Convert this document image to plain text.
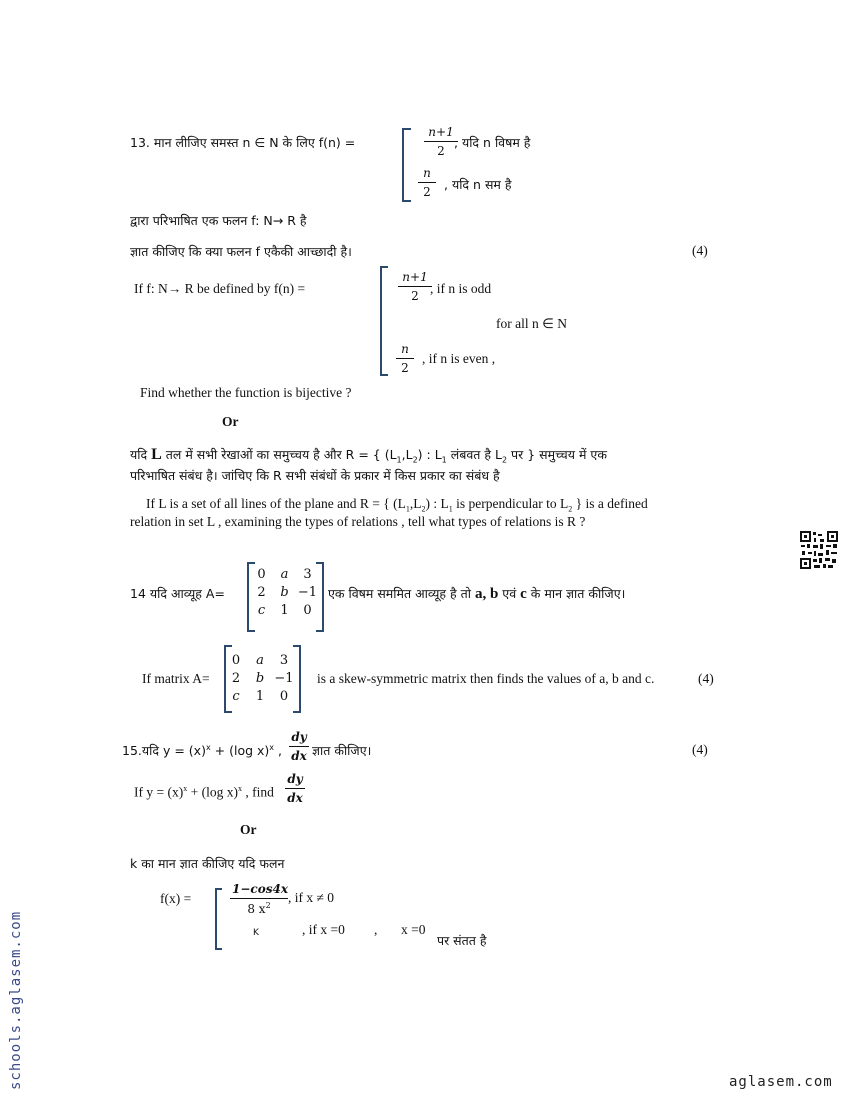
13. मान लीजिए समस्त n ∈ N के लिए f(n) =
n+1
2
, यदि n विषम है
n
2	, यदि n सम है
द्वारा परिभाषित एक फलन f: N→ R है
ज्ञात कीजिए कि क्या फलन f एकैकी आच्छादी है।	(4)
If f: N→ R be defined by f(n) =
n+1
2 , if n is odd
for all n ∈ N
n
2
, if n is even ,
Find whether the function is bijective ?
Or
यदि L तल में सभी रेखाओं का समुच्चय है और R = { $(L_1,L_2)$ : $L_1$ लंबवत है $L_2$ पर } समुच्चय में एक
परिभाषित संबंध है। जांचिए कि R सभी संबंधों के प्रकार में किस प्रकार का संबंध है
If L is a set of all lines of the plane and R = { $(L_1,L_2)$ : $L_1$ is perpendicular to $L_2$ } is a defined
relation in set L , examining the types of relations , tell what types of relations is R ?
14 यदि आव्यूह A=
0	a	3
2	b −1
c	1	0
एक विषम सममित आव्यूह है तो a, b एवं c के मान ज्ञात कीजिए।
If matrix A=
0	a	3
2	b −1
c	1	0
is a skew-symmetric matrix then finds the values of a, b and c.	(4)
15.यदि $y = (x)^x + (\log$ x)$^x$ ,
dy
dx ज्ञात कीजिए।	(4)
If $y = (x)^x + (\log$ x)$^x$ , find
dy
dx
Or
k का मान ज्ञात कीजिए यदि फलन
f(x) =
1−cos4x
8 $x^2$
, if x ≠ 0
K	, if x =0 , x =0
पर संतत है
schools.aglasem.com	aglasem.com
